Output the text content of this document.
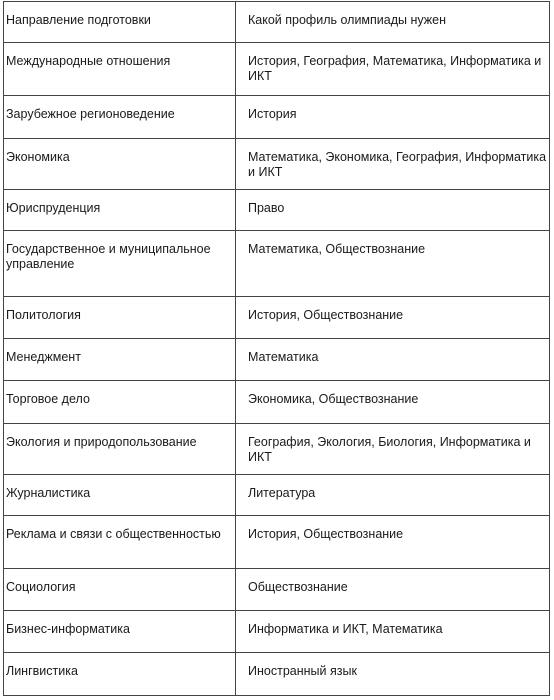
Направление подготовки	Какой профиль олимпиады нужен
Международные отношения	История, География, Математика, Информатика и ИКТ
Зарубежное регионоведение	История
Экономика	Математика, Экономика, География, Информатика и ИКТ
Юриспруденция	Право
Государственное и муниципальное управление	Математика, Обществознание
Политология	История, Обществознание
Менеджмент	Математика
Торговое дело	Экономика, Обществознание
Экология и природопользование	География, Экология, Биология, Информатика и ИКТ
Журналистика	Литература
Реклама и связи с общественностью	История, Обществознание
Социология	Обществознание
Бизнес-информатика	Информатика и ИКТ, Математика
Лингвистика	Иностранный язык
